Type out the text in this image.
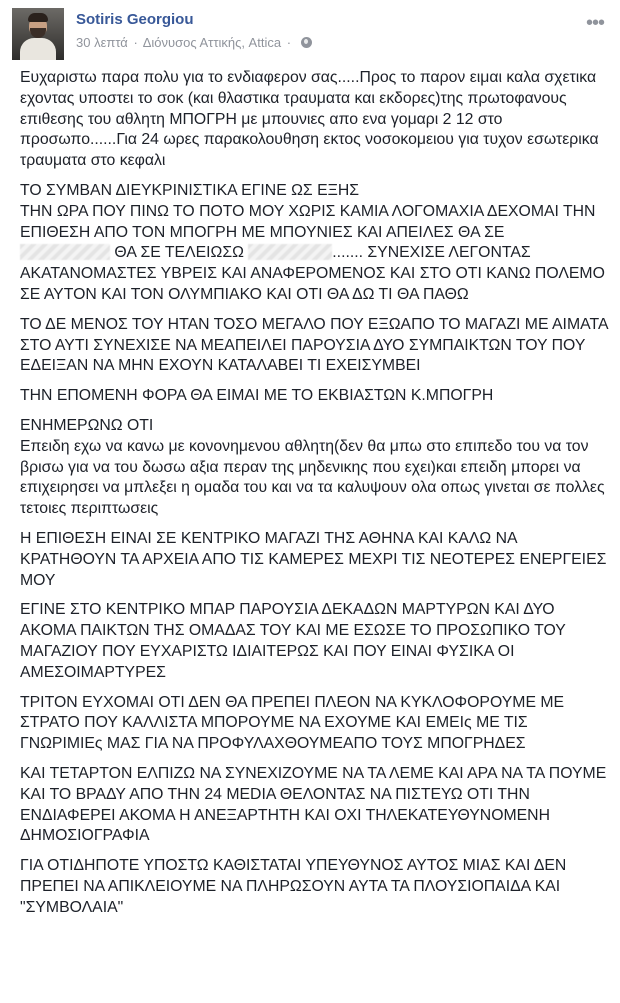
Sotiris Georgiou
30 λεπτά · Διόνυσος Αττικής, Attica ·
•••

Ευχαριστω παρα πολυ για το ενδιαφερον σας.....Προς το παρον ειμαι καλα σχετικα εχοντας υποστει το σοκ (και θλαστικα τραυματα και εκδορες)της πρωτοφανους επιθεσης του αθλητη ΜΠΟΓΡΗ με μπουνιες απο ενα γομαρι 2 12 στο προσωπο......Για 24 ωρες παρακολουθηση εκτος νοσοκομειου για τυχον εσωτερικα τραυματα στο κεφαλι

ΤΟ ΣΥΜΒΑΝ ΔΙΕΥΚΡΙΝΙΣΤΙΚΑ ΕΓΙΝΕ ΩΣ ΕΞΗΣ
ΤΗΝ ΩΡΑ ΠΟΥ ΠΙΝΩ ΤΟ ΠΟΤΟ ΜΟΥ ΧΩΡΙΣ ΚΑΜΙΑ ΛΟΓΟΜΑΧΙΑ ΔΕΧΟΜΑΙ ΤΗΝ ΕΠΙΘΕΣΗ ΑΠΟ ΤΟΝ ΜΠΟΓΡΗ ΜΕ ΜΠΟΥΝΙΕΣ ΚΑΙ ΑΠΕΙΛΕΣ ΘΑ ΣΕ
ΘΑ ΣΕ ΤΕΛΕΙΩΣΩ	....... ΣΥΝΕΧΙΣΕ ΛΕΓΟΝΤΑΣ ΑΚΑΤΑΝΟΜΑΣΤΕΣ ΥΒΡΕΙΣ ΚΑΙ ΑΝΑΦΕΡΟΜΕΝΟΣ ΚΑΙ ΣΤΟ ΟΤΙ ΚΑΝΩ ΠΟΛΕΜΟ ΣΕ ΑΥΤΟΝ ΚΑΙ ΤΟΝ ΟΛΥΜΠΙΑΚΟ ΚΑΙ ΟΤΙ ΘΑ ΔΩ ΤΙ ΘΑ ΠΑΘΩ

ΤΟ ΔΕ ΜΕΝΟΣ ΤΟΥ ΗΤΑΝ ΤΟΣΟ ΜΕΓΑΛΟ ΠΟΥ ΕΞΩΑΠΟ ΤΟ ΜΑΓΑΖΙ ΜΕ ΑΙΜΑΤΑ ΣΤΟ ΑΥΤΙ ΣΥΝΕΧΙΣΕ ΝΑ ΜΕΑΠΕΙΛΕΙ ΠΑΡΟΥΣΙΑ ΔΥΟ ΣΥΜΠΑΙΚΤΩΝ ΤΟΥ ΠΟΥ ΕΔΕΙΞΑΝ ΝΑ ΜΗΝ ΕΧΟΥΝ ΚΑΤΑΛΑΒΕΙ ΤΙ ΕΧΕΙΣΥΜΒΕΙ

ΤΗΝ ΕΠΟΜΕΝΗ ΦΟΡΑ ΘΑ ΕΙΜΑΙ ΜΕ ΤΟ ΕΚΒΙΑΣΤΩΝ Κ.ΜΠΟΓΡΗ

ΕΝΗΜΕΡΩΝΩ ΟΤΙ
Επειδη εχω να κανω με κονονημενου αθλητη(δεν θα μπω στο επιπεδο του να τον βρισω για να του δωσω αξια περαν της μηδενικης που εχει)και επειδη μπορει να επιχειρησει να μπλεξει η ομαδα του και να τα καλυψουν ολα οπως γινεται σε πολλες τετοιες περιπτωσεις

Η ΕΠΙΘΕΣΗ ΕΙΝΑΙ ΣΕ ΚΕΝΤΡΙΚΟ ΜΑΓΑΖΙ ΤΗΣ ΑΘΗΝΑ ΚΑΙ ΚΑΛΩ ΝΑ ΚΡΑΤΗΘΟΥΝ ΤΑ ΑΡΧΕΙΑ ΑΠΟ ΤΙΣ ΚΑΜΕΡΕΣ ΜΕΧΡΙ ΤΙΣ ΝΕΟΤΕΡΕΣ ΕΝΕΡΓΕΙΕΣ ΜΟΥ

ΕΓΙΝΕ ΣΤΟ ΚΕΝΤΡΙΚΟ ΜΠΑΡ ΠΑΡΟΥΣΙΑ ΔΕΚΑΔΩΝ ΜΑΡΤΥΡΩΝ ΚΑΙ ΔΥΟ ΑΚΟΜΑ ΠΑΙΚΤΩΝ ΤΗΣ ΟΜΑΔΑΣ ΤΟΥ ΚΑΙ ΜΕ ΕΣΩΣΕ ΤΟ ΠΡΟΣΩΠΙΚΟ ΤΟΥ ΜΑΓΑΖΙΟΥ ΠΟΥ ΕΥΧΑΡΙΣΤΩ ΙΔΙΑΙΤΕΡΩΣ ΚΑΙ ΠΟΥ ΕΙΝΑΙ ΦΥΣΙΚΑ ΟΙ ΑΜΕΣΟΙΜΑΡΤΥΡΕΣ

ΤΡΙΤΟΝ ΕΥΧΟΜΑΙ ΟΤΙ ΔΕΝ ΘΑ ΠΡΕΠΕΙ ΠΛΕΟΝ ΝΑ ΚΥΚΛΟΦΟΡΟΥΜΕ ΜΕ ΣΤΡΑΤΟ ΠΟΥ ΚΑΛΛΙΣΤΑ ΜΠΟΡΟΥΜΕ ΝΑ ΕΧΟΥΜΕ ΚΑΙ ΕΜΕΙς ΜΕ ΤΙΣ ΓΝΩΡΙΜΙΕς ΜΑΣ ΓΙΑ ΝΑ ΠΡΟΦΥΛΑΧΘΟΥΜΕΑΠΟ ΤΟΥΣ ΜΠΟΓΡΗΔΕΣ

ΚΑΙ ΤΕΤΑΡΤΟΝ ΕΛΠΙΖΩ ΝΑ ΣΥΝΕΧΙΖΟΥΜΕ ΝΑ ΤΑ ΛΕΜΕ ΚΑΙ ΑΡΑ ΝΑ ΤΑ ΠΟΥΜΕ ΚΑΙ ΤΟ ΒΡΑΔΥ ΑΠΟ ΤΗΝ 24 MEDIA ΘΕΛΟΝΤΑΣ ΝΑ ΠΙΣΤΕΥΩ ΟΤΙ ΤΗΝ ΕΝΔΙΑΦΕΡΕΙ ΑΚΟΜΑ Η ΑΝΕΞΑΡΤΗΤΗ ΚΑΙ ΟΧΙ ΤΗΛΕΚΑΤΕΥΘΥΝΟΜΕΝΗ ΔΗΜΟΣΙΟΓΡΑΦΙΑ

ΓΙΑ ΟΤΙΔΗΠΟΤΕ ΥΠΟΣΤΩ ΚΑΘΙΣΤΑΤΑΙ ΥΠΕΥΘΥΝΟΣ ΑΥΤΟΣ ΜΙΑΣ ΚΑΙ ΔΕΝ ΠΡΕΠΕΙ ΝΑ ΑΠΙΚΛΕΙΟΥΜΕ ΝΑ ΠΛΗΡΩΣΟΥΝ ΑΥΤΑ ΤΑ ΠΛΟΥΣΙΟΠΑΙΔΑ ΚΑΙ "ΣΥΜΒΟΛΑΙΑ"
